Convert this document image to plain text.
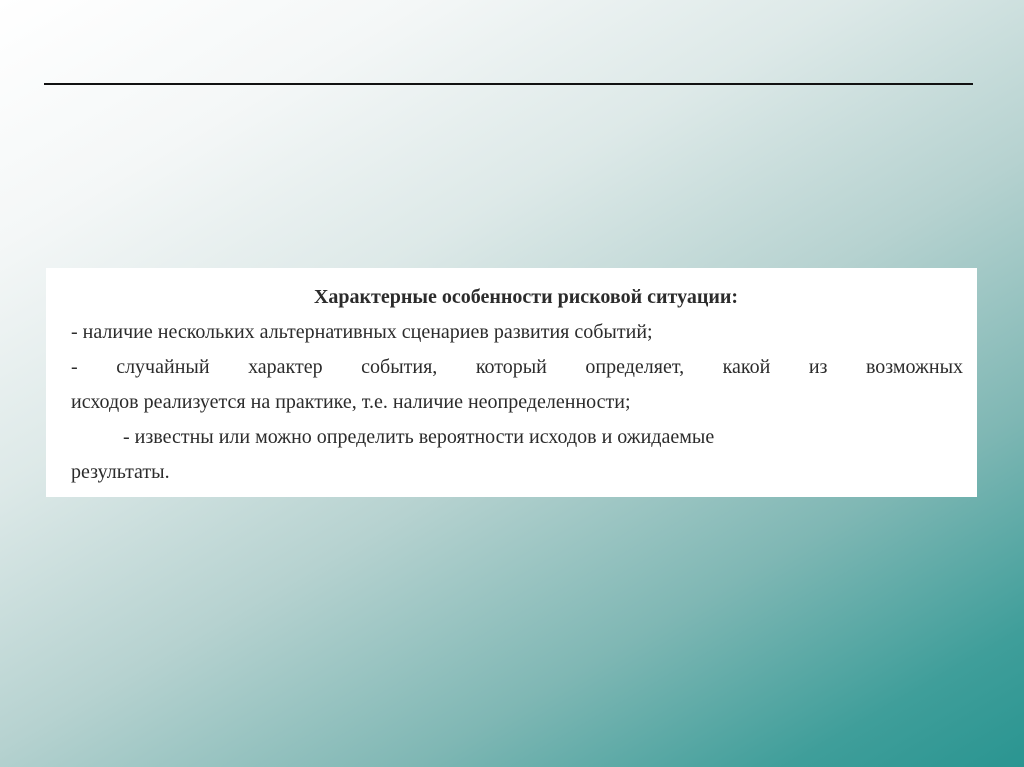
Характерные особенности рисковой ситуации:

- наличие нескольких альтернативных сценариев развития событий;

- случайный характер события, который определяет, какой из возможных

исходов реализуется на практике, т.е. наличие неопределенности;

- известны или можно определить вероятности исходов и ожидаемые

результаты.
